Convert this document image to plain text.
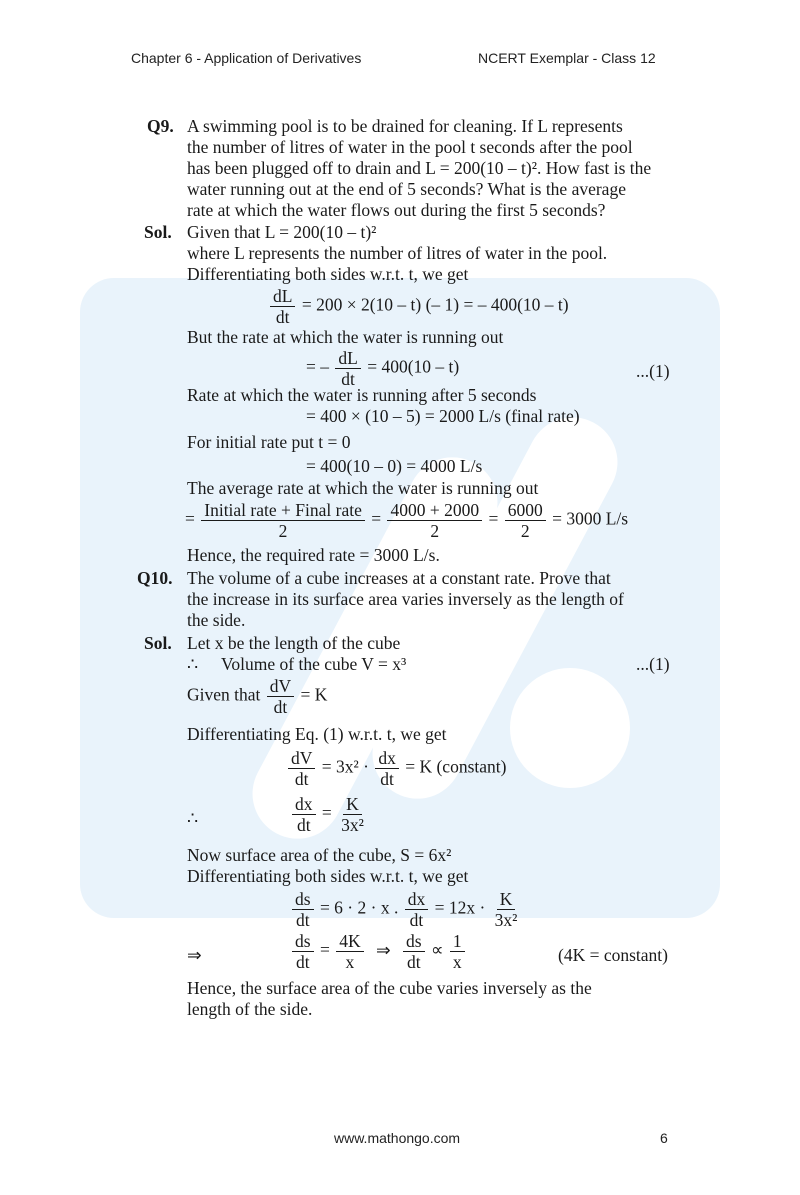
Chapter 6 - Application of Derivatives	NCERT Exemplar - Class 12
Q9. A swimming pool is to be drained for cleaning. If L represents
the number of litres of water in the pool t seconds after the pool
has been plugged off to drain and L = 200(10 – t)². How fast is the
water running out at the end of 5 seconds? What is the average
rate at which the water flows out during the first 5 seconds?
Sol. Given that L = 200(10 – t)²
where L represents the number of litres of water in the pool.
Differentiating both sides w.r.t. t, we get
$\frac{dL}{dt} = 200 \times 2(10 - t)$ (– 1) = – 400(10 – t)
But the rate at which the water is running out
= – $\frac{dL}{dt} = 400(10 - t)$	...(1)
Rate at which the water is running after 5 seconds
= 400 × (10 – 5) = 2000 L/s (final rate)
For initial rate put t = 0
= 400(10 – 0) = 4000 L/s
The average rate at which the water is running out
= $\frac{\text{Initial rate + Final rate}}{2} = \frac{4000 + 2000}{2} = \frac{6000}{2} = 3000$ L/s
Hence, the required rate = 3000 L/s.
Q10. The volume of a cube increases at a constant rate. Prove that
the increase in its surface area varies inversely as the length of
the side.
Sol. Let x be the length of the cube
∴ Volume of the cube V = x³	...(1)
Given that $\frac{dV}{dt} = K$
Differentiating Eq. (1) w.r.t. t, we get
$\frac{dV}{dt} = 3x^2 \cdot \frac{dx}{dt} = K$ (constant)
∴	$\frac{dx}{dt} = \frac{K}{\text{3x²}}$
Now surface area of the cube, S = 6x²
Differentiating both sides w.r.t. t, we get
$\frac{ds}{dt} = 6 \cdot 2 \cdot x$ . $\frac{dx}{dt} = 12x \cdot \frac{K}{\text{3x²}}$
⇒	$\frac{ds}{dt} = \frac{4K}{x}$ ⇒ $\frac{ds}{dt} \propto \frac{1}{x}$	(4K = constant)
Hence, the surface area of the cube varies inversely as the
length of the side.
www.mathongo.com	6
